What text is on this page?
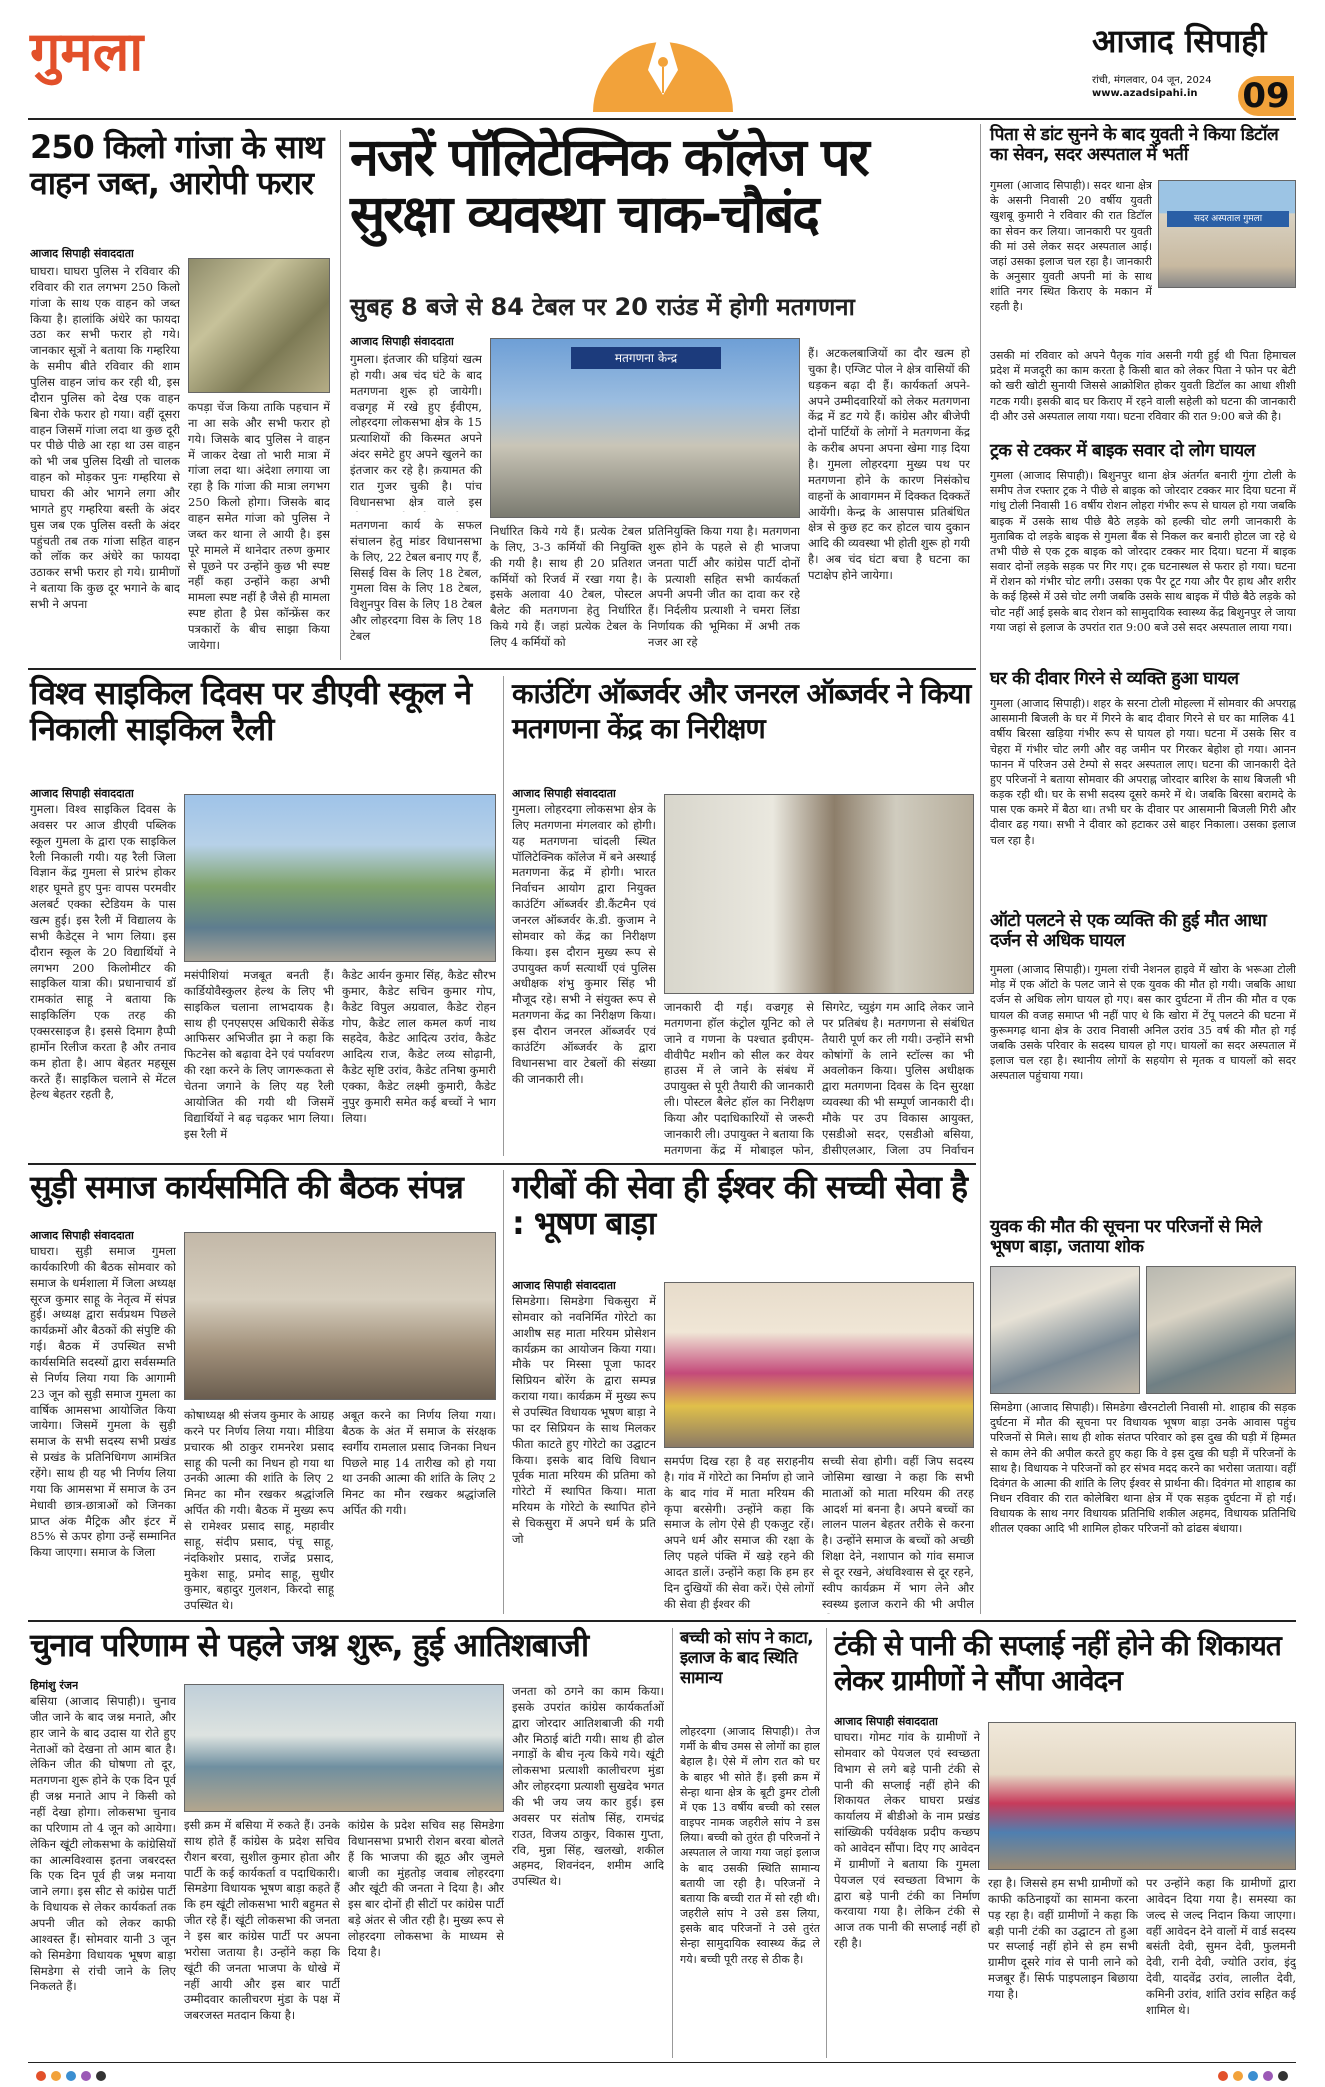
गुमला	आजाद सिपाही
रांची, मंगलवार, 04 जून, 2024
www.azadsipahi.in 09
250 किलो गांजा के साथ वाहन जब्त, आरोपी फरार
आजाद सिपाही संवाददाता
घाघरा। घाघरा पुलिस ने रविवार की रविवार की रात लगभग 250 किलो गांजा के साथ एक वाहन को जब्त किया है। हालांकि अंधेरे का फायदा उठा कर सभी फरार हो गये। जानकार सूत्रों ने बताया कि गम्हरिया के समीप बीते रविवार की शाम पुलिस वाहन जांच कर रही थी, इस दौरान पुलिस को देख एक वाहन बिना रोके फरार हो गया। वहीं दूसरा वाहन जिसमें गांजा लदा था कुछ दूरी पर पीछे पीछे आ रहा था उस वाहन को भी जब पुलिस दिखी तो चालक वाहन को मोड़कर पुनः गम्हरिया से घाघरा की ओर भागने लगा और भागते हुए गम्हरिया बस्ती के अंदर घुस जब एक पुलिस वस्ती के अंदर पहुंचती तब तक गांजा सहित वाहन को लॉक कर अंधेरे का फायदा उठाकर सभी फरार हो गये। ग्रामीणों ने बताया कि कुछ दूर भगाने के बाद सभी ने अपना
कपड़ा चेंज किया ताकि पहचान में ना आ सके और सभी फरार हो गये। जिसके बाद पुलिस ने वाहन में जाकर देखा तो भारी मात्रा में गांजा लदा था। अंदेशा लगाया जा रहा है कि गांजा की मात्रा लगभग 250 किलो होगा। जिसके बाद वाहन समेत गांजा को पुलिस ने जब्त कर थाना ले आयी है। इस पूरे मामले में थानेदार तरुण कुमार से पूछने पर उन्होंने कुछ भी स्पष्ट नहीं कहा उन्होंने कहा अभी मामला स्पष्ट नहीं है जैसे ही मामला स्पष्ट होता है प्रेस कॉन्फ्रेंस कर पत्रकारों के बीच साझा किया जायेगा।
नजरें पॉलिटेक्निक कॉलेज पर सुरक्षा व्यवस्था चाक-चौबंद
सुबह 8 बजे से 84 टेबल पर 20 राउंड में होगी मतगणना
आजाद सिपाही संवाददाता
गुमला। इंतजार की घड़ियां खत्म हो गयी। अब चंद घंटे के बाद मतगणना शुरू हो जायेगी। वज्रगृह में रखे हुए ईवीएम, लोहरदगा लोकसभा क्षेत्र के 15 प्रत्याशियों की किस्मत अपने अंदर समेटे हुए अपने खुलने का इंतजार कर रहे है। क़यामत की रात गुजर चुकी है। पांच विधानसभा क्षेत्र वाले इस
मतगणना कार्य के सफल संचालन हेतु मांडर विधानसभा के लिए, 22 टेबल बनाए गए हैं, सिसई विस के लिए 18 टेबल, गुमला विस के लिए 18 टेबल, विशुनपुर विस के लिए 18 टेबल और लोहरदगा विस के लिए 18 टेबल
मतगणना केन्द्र
निर्धारित किये गये हैं। प्रत्येक टेबल के लिए, 3-3 कर्मियों की नियुक्ति की गयी है। साथ ही 20 प्रतिशत कर्मियों को रिजर्व में रखा गया है। इसके अलावा 40 टेबल, पोस्टल बैलेट की मतगणना हेतु निर्धारित किये गये हैं। जहां प्रत्येक टेबल के लिए 4 कर्मियों को
प्रतिनियुक्ति किया गया है। मतगणना शुरू होने के पहले से ही भाजपा जनता पार्टी और कांग्रेस पार्टी दोनों के प्रत्याशी सहित सभी कार्यकर्ता अपनी अपनी जीत का दावा कर रहे हैं। निर्दलीय प्रत्याशी ने चमरा लिंडा निर्णायक की भूमिका में अभी तक नजर आ रहे
हैं। अटकलबाजियों का दौर खत्म हो चुका है। एग्जिट पोल ने क्षेत्र वासियों की धड़कन बढ़ा दी हैं। कार्यकर्ता अपने-अपने उम्मीदवारियों को लेकर मतगणना केंद्र में डट गये हैं। कांग्रेस और बीजेपी दोनों पार्टियों के लोगों ने मतगणना केंद्र के करीब अपना अपना खेमा गाड़ दिया है। गुमला लोहरदगा मुख्य पथ पर मतगणना होने के कारण निसंकोच वाहनों के आवागमन में दिक्कत दिक्कतें आयेंगी। केन्द्र के आसपास प्रतिबंधित क्षेत्र से कुछ हट कर होटल चाय दुकान आदि की व्यवस्था भी होती शुरू हो गयी है। अब चंद घंटा बचा है घटना का पटाक्षेप होने जायेगा।
पिता से डांट सुनने के बाद युवती ने किया डिटॉल का सेवन, सदर अस्पताल में भर्ती
गुमला (आजाद सिपाही)। सदर थाना क्षेत्र के असनी निवासी 20 वर्षीय युवती खुशबू कुमारी ने रविवार की रात डिटॉल का सेवन कर लिया। जानकारी पर युवती की मां उसे लेकर सदर अस्पताल आई। जहां उसका इलाज चल रहा है। जानकारी के अनुसार युवती अपनी मां के साथ शांति नगर स्थित किराए के मकान में रहती है।
सदर अस्पताल गुमला
उसकी मां रविवार को अपने पैतृक गांव असनी गयी हुई थी पिता हिमाचल प्रदेश में मजदूरी का काम करता है किसी बात को लेकर पिता ने फोन पर बेटी को खरी खोटी सुनायी जिससे आक्रोशित होकर युवती डिटॉल का आधा शीशी गटक गयी। इसकी बाद घर किराए में रहने वाली सहेली को घटना की जानकारी दी और उसे अस्पताल लाया गया। घटना रविवार की रात 9:00 बजे की है।
ट्रक से टक्कर में बाइक सवार दो लोग घायल
गुमला (आजाद सिपाही)। बिशुनपुर थाना क्षेत्र अंतर्गत बनारी गुंगा टोली के समीप तेज रफ्तार ट्रक ने पीछे से बाइक को जोरदार टक्कर मार दिया घटना में गांधु टोली निवासी 16 वर्षीय रोशन लोहरा गंभीर रूप से घायल हो गया जबकि बाइक में उसके साथ पीछे बैठे लड़के को हल्की चोट लगी जानकारी के मुताबिक दो लड़के बाइक से गुमला बैंक से निकल कर बनारी होटल जा रहे थे तभी पीछे से एक ट्रक बाइक को जोरदार टक्कर मार दिया। घटना में बाइक सवार दोनों लड़के सड़क पर गिर गए। ट्रक घटनास्थल से फरार हो गया। घटना में रोशन को गंभीर चोट लगी। उसका एक पैर टूट गया और पैर हाथ और शरीर के कई हिस्से में उसे चोट लगी जबकि उसके साथ बाइक में पीछे बैठे लड़के को चोट नहीं आई इसके बाद रोशन को सामुदायिक स्वास्थ्य केंद्र बिशुनपुर ले जाया गया जहां से इलाज के उपरांत रात 9:00 बजे उसे सदर अस्पताल लाया गया।
घर की दीवार गिरने से व्यक्ति हुआ घायल
गुमला (आजाद सिपाही)। शहर के सरना टोली मोहल्ला में सोमवार की अपराह्न आसमानी बिजली के घर में गिरने के बाद दीवार गिरने से घर का मालिक 41 वर्षीय बिरसा खड़िया गंभीर रूप से घायल हो गया। घटना में उसके सिर व चेहरा में गंभीर चोट लगी और वह जमीन पर गिरकर बेहोश हो गया। आनन फानन में परिजन उसे टेम्पो से सदर अस्पताल लाए। घटना की जानकारी देते हुए परिजनों ने बताया सोमवार की अपराह्न जोरदार बारिश के साथ बिजली भी कड़क रही थी। घर के सभी सदस्य दूसरे कमरे में थे। जबकि बिरसा बरामदे के पास एक कमरे में बैठा था। तभी घर के दीवार पर आसमानी बिजली गिरी और दीवार ढह गया। सभी ने दीवार को हटाकर उसे बाहर निकाला। उसका इलाज चल रहा है।
ऑटो पलटने से एक व्यक्ति की हुई मौत आधा दर्जन से अधिक घायल
गुमला (आजाद सिपाही)। गुमला रांची नेशनल हाइवे में खोरा के भरूआ टोली मोड़ में एक ऑटो के पलट जाने से एक युवक की मौत हो गयी। जबकि आधा दर्जन से अधिक लोग घायल हो गए। बस कार दुर्घटना में तीन की मौत व एक घायल की वजह समाप्त भी नहीं पाए थे कि खोरा में टेंपू पलटने की घटना में कुरूमगढ़ थाना क्षेत्र के उराव निवासी अनिल उरांव 35 वर्ष की मौत हो गई जबकि उसके परिवार के सदस्य घायल हो गए। घायलों का सदर अस्पताल में इलाज चल रहा है। स्थानीय लोगों के सहयोग से मृतक व घायलों को सदर अस्पताल पहुंचाया गया।
युवक की मौत की सूचना पर परिजनों से मिले भूषण बाड़ा, जताया शोक
सिमडेगा (आजाद सिपाही)। सिमडेगा खैरनटोली निवासी मो. शाहाब की सड़क दुर्घटना में मौत की सूचना पर विधायक भूषण बाड़ा उनके आवास पहुंच परिजनों से मिले। साथ ही शोक संतप्त परिवार को इस दुख की घड़ी में हिम्मत से काम लेने की अपील करते हुए कहा कि वे इस दुख की घड़ी में परिजनों के साथ है। विधायक ने परिजनों को हर संभव मदद करने का भरोसा जताया। वहीं दिवंगत के आत्मा की शांति के लिए ईश्वर से प्रार्थना की। दिवंगत मो शाहाब का निधन रविवार की रात कोलेबिरा थाना क्षेत्र में एक सड़क दुर्घटना में हो गई। विधायक के साथ नगर विधायक प्रतिनिधि शकील अहमद, विधायक प्रतिनिधि शीतल एक्का आदि भी शामिल होकर परिजनों को ढांढस बंधाया।
विश्व साइकिल दिवस पर डीएवी स्कूल ने निकाली साइकिल रैली
आजाद सिपाही संवाददाता
गुमला। विश्व साइकिल दिवस के अवसर पर आज डीएवी पब्लिक स्कूल गुमला के द्वारा एक साइकिल रैली निकाली गयी। यह रैली जिला विज्ञान केंद्र गुमला से प्रारंभ होकर शहर घूमते हुए पुनः वापस परमवीर अलबर्ट एक्का स्टेडियम के पास खत्म हुई। इस रैली में विद्यालय के सभी कैडेट्स ने भाग लिया। इस दौरान स्कूल के 20 विद्यार्थियों ने लगभग 200 किलोमीटर की साइकिल यात्रा की। प्रधानाचार्य डॉ रामकांत साहू ने बताया कि साइकिलिंग एक तरह की एक्सरसाइज है। इससे दिमाग हैप्पी हार्मोन रिलीज करता है और तनाव कम होता है। आप बेहतर महसूस करते हैं। साइकिल चलाने से मेंटल हेल्थ बेहतर रहती है,
मसंपीशियां मजबूत बनती हैं। कार्डियोवैस्कुलर हेल्थ के लिए भी साइकिल चलाना लाभदायक है। साथ ही एनएसएस अधिकारी सेकेंड आफिसर अभिजीत झा ने कहा कि फिटनेस को बढ़ावा देने एवं पर्यावरण की रक्षा करने के लिए जागरूकता से चेतना जगाने के लिए यह रैली आयोजित की गयी थी जिसमें विद्यार्थियों ने बढ़ चढ़कर भाग लिया। इस रैली में
कैडेट आर्यन कुमार सिंह, कैडेट सौरभ कुमार, कैडेट सचिन कुमार गोप, कैडेट विपुल अग्रवाल, कैडेट रोहन गोप, कैडेट लाल कमल कर्ण नाथ सहदेव, कैडेट आदित्य उरांव, कैडेट आदित्य राज, कैडेट लव्य सोढ़ानी, कैडेट सृष्टि उरांव, कैडेट तनिषा कुमारी एक्का, कैडेट लक्ष्मी कुमारी, कैडेट नुपुर कुमारी समेत कई बच्चों ने भाग लिया।
काउंटिंग ऑब्जर्वर और जनरल ऑब्जर्वर ने किया मतगणना केंद्र का निरीक्षण
आजाद सिपाही संवाददाता
गुमला। लोहरदगा लोकसभा क्षेत्र के लिए मतगणना मंगलवार को होगी। यह मतगणना चांदली स्थित पॉलिटेक्निक कॉलेज में बने अस्थाई मतगणना केंद्र में होगी। भारत निर्वाचन आयोग द्वारा नियुक्त काउंटिंग ऑब्जर्वर डी.कैंटमैन एवं जनरल ऑब्जर्वर के.डी. कुजाम ने सोमवार को केंद्र का निरीक्षण किया। इस दौरान मुख्य रूप से उपायुक्त कर्ण सत्यार्थी एवं पुलिस अधीक्षक शंभु कुमार सिंह भी मौजूद रहे। सभी ने संयुक्त रूप से मतगणना केंद्र का निरीक्षण किया। इस दौरान जनरल ऑब्जर्वर एवं काउंटिंग ऑब्जर्वर के द्वारा विधानसभा वार टेबलों की संख्या की जानकारी ली।
जानकारी दी गई। वज्रगृह से मतगणना हॉल कंट्रोल यूनिट को ले जाने व गणना के पश्चात इवीएम-वीवीपैट मशीन को सील कर वेयर हाउस में ले जाने के संबंध में उपायुक्त से पूरी तैयारी की जानकारी ली। पोस्टल बैलेट हॉल का निरीक्षण किया और पदाधिकारियों से जरूरी जानकारी ली। उपायुक्त ने बताया कि मतगणना केंद्र में मोबाइल फोन,
सिगरेट, च्युइंग गम आदि लेकर जाने पर प्रतिबंध है। मतगणना से संबंधित तैयारी पूर्ण कर ली गयी। उन्होंने सभी कोषांगों के लाने स्टॉल्स का भी अवलोकन किया। पुलिस अधीक्षक द्वारा मतगणना दिवस के दिन सुरक्षा व्यवस्था की भी सम्पूर्ण जानकारी दी। मौके पर उप विकास आयुक्त, एसडीओ सदर, एसडीओ बसिया, डीसीएलआर, जिला उप निर्वाचन
सुड़ी समाज कार्यसमिति की बैठक संपन्न
आजाद सिपाही संवाददाता
घाघरा। सुड़ी समाज गुमला कार्यकारिणी की बैठक सोमवार को समाज के धर्मशाला में जिला अध्यक्ष सूरज कुमार साहू के नेतृत्व में संपन्न हुई। अध्यक्ष द्वारा सर्वप्रथम पिछले कार्यक्रमों और बैठकों की संपुष्टि की गई। बैठक में उपस्थित सभी कार्यसमिति सदस्यों द्वारा सर्वसम्मति से निर्णय लिया गया कि आगामी 23 जून को सुड़ी समाज गुमला का वार्षिक आमसभा आयोजित किया जायेगा। जिसमें गुमला के सुड़ी समाज के सभी सदस्य सभी प्रखंड से प्रखंड के प्रतिनिधिगण आमंत्रित रहेंगे। साथ ही यह भी निर्णय लिया गया कि आमसभा में समाज के उन मेधावी छात्र-छात्राओं को जिनका प्राप्त अंक मैट्रिक और इंटर में 85% से ऊपर होगा उन्हें सम्मानित किया जाएगा। समाज के जिला
कोषाध्यक्ष श्री संजय कुमार के आग्रह करने पर निर्णय लिया गया। मीडिया प्रचारक श्री ठाकुर रामनरेश प्रसाद साहू की पत्नी का निधन हो गया था उनकी आत्मा की शांति के लिए 2 मिनट का मौन रखकर श्रद्धांजलि अर्पित की गयी। बैठक में मुख्य रूप से रामेश्वर प्रसाद साहू, महावीर साहू, संदीप प्रसाद, पंचू साहू, नंदकिशोर प्रसाद, राजेंद्र प्रसाद, मुकेश साहू, प्रमोद साहू, सुधीर कुमार, बहादुर गुलशन, किरदो साहू उपस्थित थे।
अबूत करने का निर्णय लिया गया। बैठक के अंत में समाज के संरक्षक स्वर्गीय रामलाल प्रसाद जिनका निधन पिछले माह 14 तारीख को हो गया था उनकी आत्मा की शांति के लिए 2 मिनट का मौन रखकर श्रद्धांजलि अर्पित की गयी।
गरीबों की सेवा ही ईश्वर की सच्ची सेवा है : भूषण बाड़ा
आजाद सिपाही संवाददाता
सिमडेगा। सिमडेगा चिकसुरा में सोमवार को नवनिर्मित गोरेटो का आशीष सह माता मरियम प्रोसेशन कार्यक्रम का आयोजन किया गया। मौके पर मिस्सा पूजा फादर सिप्रियन बोरेंग के द्वारा सम्पन्न कराया गया। कार्यक्रम में मुख्य रूप से उपस्थित विधायक भूषण बाड़ा ने फा दर सिप्रियन के साथ मिलकर फीता काटते हुए गोरेटो का उद्घाटन किया। इसके बाद विधि विधान पूर्वक माता मरियम की प्रतिमा को गोरेटो में स्थापित किया। माता मरियम के गोरेटो के स्थापित होने से चिकसुरा में अपने धर्म के प्रति जो
समर्पण दिख रहा है वह सराहनीय है। गांव में गोरेटो का निर्माण हो जाने के बाद गांव में माता मरियम की कृपा बरसेगी। उन्होंने कहा कि समाज के लोग ऐसे ही एकजुट रहें। अपने धर्म और समाज की रक्षा के लिए पहले पंक्ति में खड़े रहने की आदत डालें। उन्होंने कहा कि हम हर दिन दुखियों की सेवा करें। ऐसे लोगों की सेवा ही ईश्वर की
सच्ची सेवा होगी। वहीं जिप सदस्य जोसिमा खाखा ने कहा कि सभी माताओं को माता मरियम की तरह आदर्श मां बनना है। अपने बच्चों का लालन पालन बेहतर तरीके से करना है। उन्होंने समाज के बच्चों को अच्छी शिक्षा देने, नशापान को गांव समाज से दूर रखने, अंधविश्वास से दूर रहने, स्वीप कार्यक्रम में भाग लेने और स्वस्थ्य इलाज कराने की भी अपील
चुनाव परिणाम से पहले जश्न शुरू, हुई आतिशबाजी
हिमांशु रंजन
बसिया (आजाद सिपाही)। चुनाव जीत जाने के बाद जश्न मनाते, और हार जाने के बाद उदास या रोते हुए नेताओं को देखना तो आम बात है। लेकिन जीत की घोषणा तो दूर, मतगणना शुरू होने के एक दिन पूर्व ही जश्न मनाते आप ने किसी को नहीं देखा होगा। लोकसभा चुनाव का परिणाम तो 4 जून को आयेगा। लेकिन खूंटी लोकसभा के कांग्रेसियों का आत्मविश्वास इतना जबरदस्त कि एक दिन पूर्व ही जश्न मनाया जाने लगा। इस सीट से कांग्रेस पार्टी के विधायक से लेकर कार्यकर्ता तक अपनी जीत को लेकर काफी आश्वस्त हैं। सोमवार यानी 3 जून को सिमडेगा विधायक भूषण बाड़ा सिमडेगा से रांची जाने के लिए निकलते हैं।
इसी क्रम में बसिया में रुकते हैं। उनके साथ होते हैं कांग्रेस के प्रदेश सचिव रौशन बरवा, सुशील कुमार होता और पार्टी के कई कार्यकर्ता व पदाधिकारी। सिमडेगा विधायक भूषण बाड़ा कहते हैं कि हम खूंटी लोकसभा भारी बहुमत से जीत रहे हैं। खूंटी लोकसभा की जनता ने इस बार कांग्रेस पार्टी पर अपना भरोसा जताया है। उन्होंने कहा कि खूंटी की जनता भाजपा के धोखे में नहीं आयी और इस बार पार्टी उम्मीदवार कालीचरण मुंडा के पक्ष में जबरजस्त मतदान किया है।
कांग्रेस के प्रदेश सचिव सह सिमडेगा विधानसभा प्रभारी रोशन बरवा बोलते हैं कि भाजपा की झूठ और जुमले बाजी का मुंहतोड़ जवाब लोहरदगा और खूंटी की जनता ने दिया है। और इस बार दोनों ही सीटों पर कांग्रेस पार्टी बड़े अंतर से जीत रही है। मुख्य रूप से लोहरदगा लोकसभा के माध्यम से दिया है।
जनता को ठगने का काम किया। इसके उपरांत कांग्रेस कार्यकर्ताओं द्वारा जोरदार आतिशबाजी की गयी और मिठाई बांटी गयी। साथ ही ढोल नगाड़ों के बीच नृत्य किये गये। खूंटी लोकसभा प्रत्याशी कालीचरण मुंडा और लोहरदगा प्रत्याशी सुखदेव भगत की भी जय जय कार हुई। इस अवसर पर संतोष सिंह, रामचंद्र राउत, विजय ठाकुर, विकास गुप्ता, रवि, मुन्ना सिंह, खलखो, शकील अहमद, शिवनंदन, शमीम आदि उपस्थित थे।
बच्ची को सांप ने काटा, इलाज के बाद स्थिति सामान्य
लोहरदगा (आजाद सिपाही)। तेज गर्मी के बीच उमस से लोगों का हाल बेहाल है। ऐसे में लोग रात को घर के बाहर भी सोते हैं। इसी क्रम में सेन्हा थाना क्षेत्र के बूटी डुमर टोली में एक 13 वर्षीय बच्ची को रसल वाइपर नामक जहरीले सांप ने डस लिया। बच्ची को तुरंत ही परिजनों ने अस्पताल ले जाया गया जहां इलाज के बाद उसकी स्थिति सामान्य बतायी जा रही है। परिजनों ने बताया कि बच्ची रात में सो रही थी। जहरीले सांप ने उसे डस लिया, इसके बाद परिजनों ने उसे तुरंत सेन्हा सामुदायिक स्वास्थ्य केंद्र ले गये। बच्ची पूरी तरह से ठीक है।
टंकी से पानी की सप्लाई नहीं होने की शिकायत लेकर ग्रामीणों ने सौंपा आवेदन
आजाद सिपाही संवाददाता
घाघरा। गोमट गांव के ग्रामीणों ने सोमवार को पेयजल एवं स्वच्छता विभाग से लगे बड़े पानी टंकी से पानी की सप्लाई नहीं होने की शिकायत लेकर घाघरा प्रखंड कार्यालय में बीडीओ के नाम प्रखंड सांख्यिकी पर्यवेक्षक प्रदीप कच्छप को आवेदन सौंपा। दिए गए आवेदन में ग्रामीणों ने बताया कि गुमला पेयजल एवं स्वच्छता विभाग के द्वारा बड़े पानी टंकी का निर्माण करवाया गया है। लेकिन टंकी से आज तक पानी की सप्लाई नहीं हो रही है।
रहा है। जिससे हम सभी ग्रामीणों को काफी कठिनाइयों का सामना करना पड़ रहा है। वहीं ग्रामीणों ने कहा कि बड़ी पानी टंकी का उद्घाटन तो हुआ पर सप्लाई नहीं होने से हम सभी ग्रामीण दूसरे गांव से पानी लाने को मजबूर हैं। सिर्फ पाइपलाइन बिछाया गया है।
पर उन्होंने कहा कि ग्रामीणों द्वारा आवेदन दिया गया है। समस्या का जल्द से जल्द निदान किया जाएगा। वहीं आवेदन देने वालों में वार्ड सदस्य बसंती देवी, सुमन देवी, फुलमनी देवी, रानी देवी, ज्योति उरांव, इंदु देवी, यादवेंद्र उरांव, लालीत देवी, कमिनी उरांव, शांति उरांव सहित कई शामिल थे।
